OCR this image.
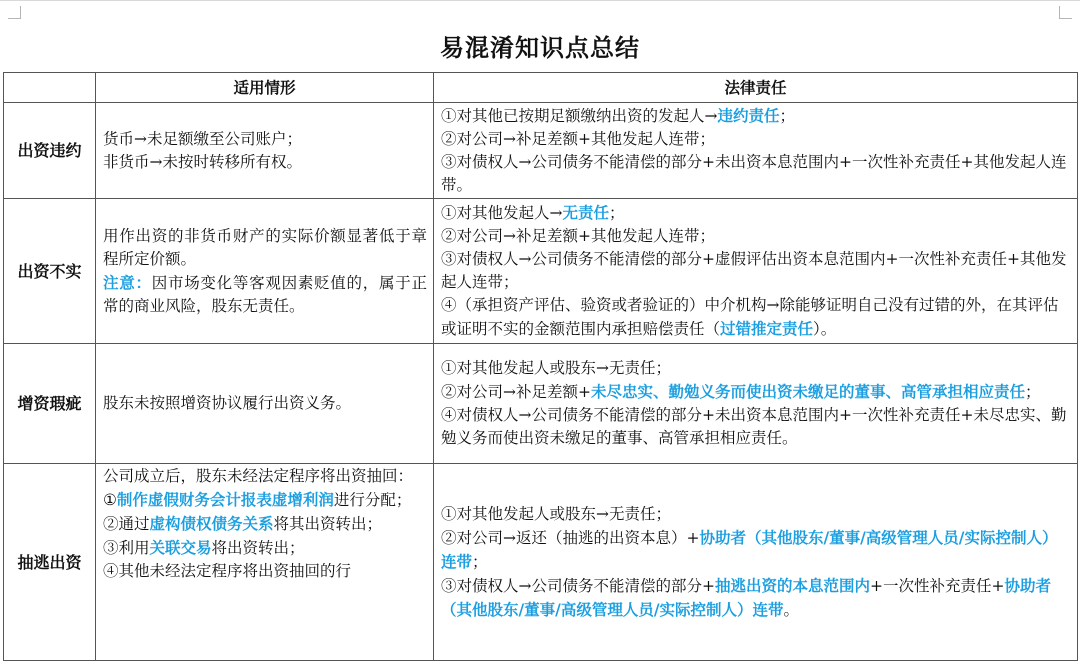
易混淆知识点总结
	适用情形	法律责任
出资违约	货币→未足额缴至公司账户；
非货币→未按时转移所有权。	①对其他已按期足额缴纳出资的发起人→违约责任；
②对公司→补足差额+其他发起人连带；
③对债权人→公司债务不能清偿的部分+未出资本息范围内+一次性补充责任+其他发起人连带。

出资不实	用作出资的非货币财产的实际价额显著低于章程所定价额。
注意：因市场变化等客观因素贬值的，属于正常的商业风险，股东无责任。	①对其他发起人→无责任；
②对公司→补足差额+其他发起人连带；
③对债权人→公司债务不能清偿的部分+虚假评估出资本息范围内+一次性补充责任+其他发起人连带；
④（承担资产评估、验资或者验证的）中介机构→除能够证明自己没有过错的外，在其评估或证明不实的金额范围内承担赔偿责任（过错推定责任）。

增资瑕疵	股东未按照增资协议履行出资义务。	①对其他发起人或股东→无责任；
②对公司→补足差额+未尽忠实、勤勉义务而使出资未缴足的董事、高管承担相应责任；
④对债权人→公司债务不能清偿的部分+未出资本息范围内+一次性补充责任+未尽忠实、勤勉义务而使出资未缴足的董事、高管承担相应责任。

抽逃出资	公司成立后，股东未经法定程序将出资抽回：
①制作虚假财务会计报表虚增利润进行分配；
②通过虚构债权债务关系将其出资转出；
③利用关联交易将出资转出；
④其他未经法定程序将出资抽回的行	①对其他发起人或股东→无责任；
②对公司→返还（抽逃的出资本息）+协助者（其他股东/董事/高级管理人员/实际控制人）连带；
③对债权人→公司债务不能清偿的部分+抽逃出资的本息范围内+一次性补充责任+协助者（其他股东/董事/高级管理人员/实际控制人）连带。
